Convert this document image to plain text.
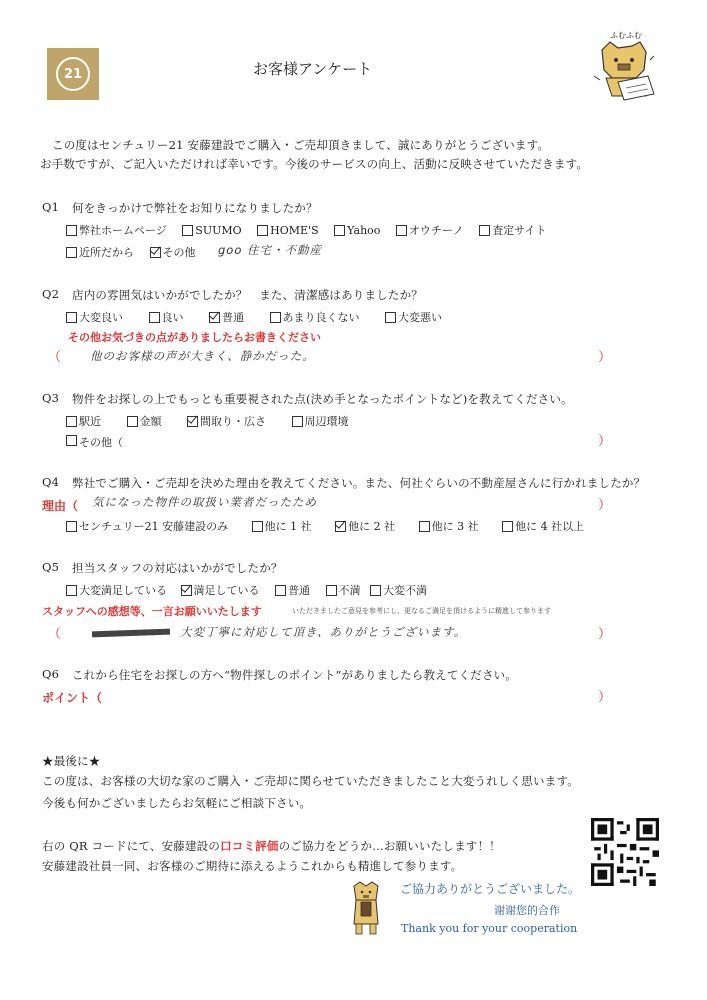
21	お客様アンケート
ふむふむ
この度はセンチュリー21 安藤建設でご購入・ご売却頂きまして、誠にありがとうございます。
お手数ですが、ご記入いただければ幸いです。今後のサービスの向上、活動に反映させていただきます。
Q1 何をきっかけで弊社をお知りになりましたか？
弊社ホームページ
	SUUMO
	HOME'S
	Yahoo
	オウチーノ
	査定サイト
近所だから
	その他 goo 住宅・不動産
Q2 店内の雰囲気はいかがでしたか？　また、清潔感はありましたか？
大変良い
	良い
	普通
	あまり良くない
	大変悪い
その他お気づきの点がありましたらお書きください
（	他のお客様の声が大きく、静かだった。	）
Q3 物件をお探しの上でもっとも重要視された点(決め手となったポイントなど)を教えてください。
駅近
	金額
	間取り・広さ
	周辺環境
その他（	）
Q4 弊社でご購入・ご売却を決めた理由を教えてください。また、何社ぐらいの不動産屋さんに行かれましたか？
理由（ 気になった物件の取扱い業者だったため	）
センチュリー21 安藤建設のみ
	他に 1 社
	他に 2 社
	他に 3 社
	他に 4 社以上
Q5 担当スタッフの対応はいかがでしたか？
大変満足している
満足している
	普通
	不満
大変不満
スタッフへの感想等、一言お願いいたします	いただきましたご意見を参考にし、更なるご満足を頂けるように精進して参ります
（	大変丁寧に対応して頂き、ありがとうございます。	）
Q6 これから住宅をお探しの方へ“物件探しのポイント”がありましたら教えてください。
ポイント（	）
★最後に★
この度は、お客様の大切な家のご購入・ご売却に関らせていただきましたこと大変うれしく思います。
今後も何かございましたらお気軽にご相談下さい。
右の QR コードにて、安藤建設の口コミ評価のご協力をどうか…お願いいたします！！
安藤建設社員一同、お客様のご期待に添えるようこれからも精進して参ります。
ご協力ありがとうございました。
谢谢您的合作
Thank you for your cooperation
